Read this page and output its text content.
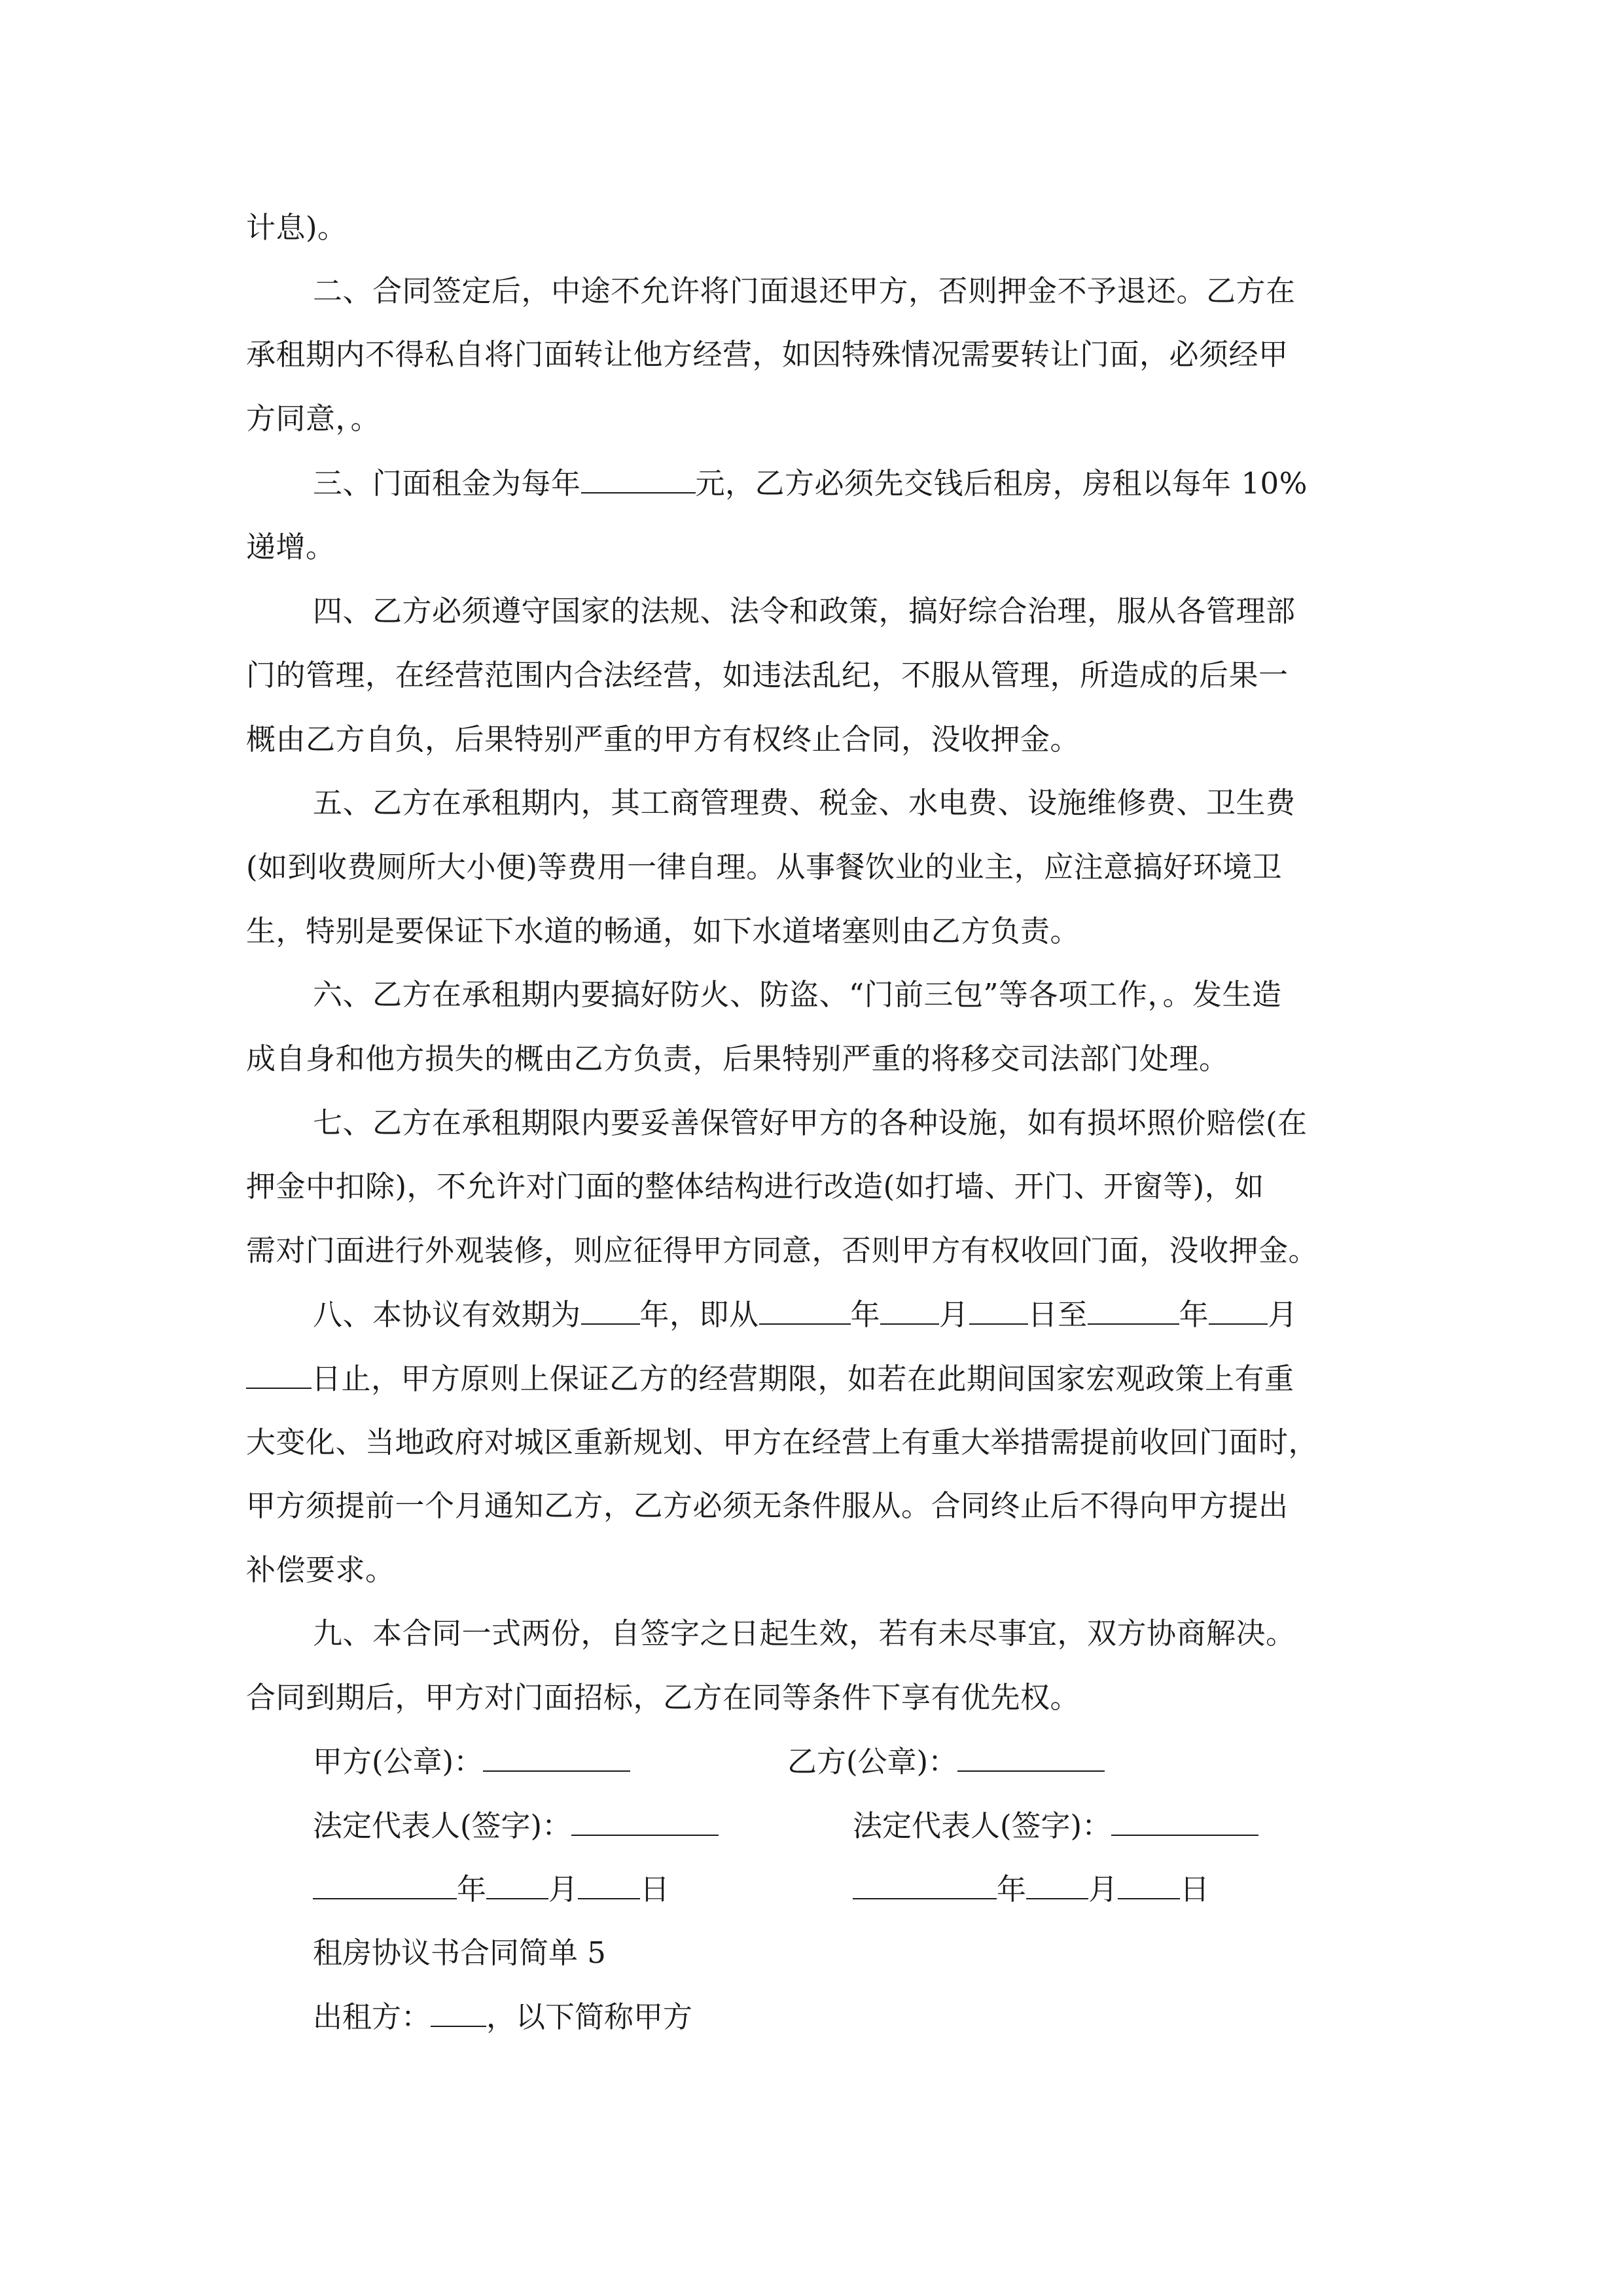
计息)。
二、合同签定后，中途不允许将门面退还甲方，否则押金不予退还。乙方在
承租期内不得私自将门面转让他方经营，如因特殊情况需要转让门面，必须经甲
方同意，。
三、门面租金为每年	元，乙方必须先交钱后租房，房租以每年 10%
递增。
四、乙方必须遵守国家的法规、法令和政策，搞好综合治理，服从各管理部
门的管理，在经营范围内合法经营，如违法乱纪，不服从管理，所造成的后果一
概由乙方自负，后果特别严重的甲方有权终止合同，没收押金。
五、乙方在承租期内，其工商管理费、税金、水电费、设施维修费、卫生费
(如到收费厕所大小便)等费用一律自理。从事餐饮业的业主，应注意搞好环境卫
生，特别是要保证下水道的畅通，如下水道堵塞则由乙方负责。
六、乙方在承租期内要搞好防火、防盗、“门前三包”等各项工作，。发生造
成自身和他方损失的概由乙方负责，后果特别严重的将移交司法部门处理。
七、乙方在承租期限内要妥善保管好甲方的各种设施，如有损坏照价赔偿(在
押金中扣除)，不允许对门面的整体结构进行改造(如打墙、开门、开窗等)，如
需对门面进行外观装修，则应征得甲方同意，否则甲方有权收回门面，没收押金。
八、本协议有效期为 年，即从	年 月 日至	年 月
日止，甲方原则上保证乙方的经营期限，如若在此期间国家宏观政策上有重
大变化、当地政府对城区重新规划、甲方在经营上有重大举措需提前收回门面时，
甲方须提前一个月通知乙方，乙方必须无条件服从。合同终止后不得向甲方提出
补偿要求。
九、本合同一式两份，自签字之日起生效，若有未尽事宜，双方协商解决。
合同到期后，甲方对门面招标，乙方在同等条件下享有优先权。
甲方(公章)：	乙方(公章)：
法定代表人(签字)：	法定代表人(签字)：
年 月 日	年 月 日
租房协议书合同简单 5
出租方： ，以下简称甲方
